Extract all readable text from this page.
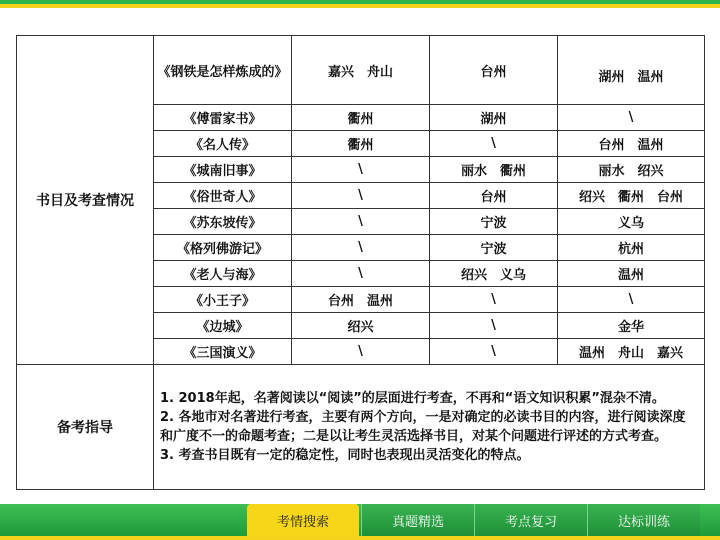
书目及考查情况	《钢铁是怎样炼成的》	嘉兴　舟山	台州	湖州　温州
	《傅雷家书》	衢州	湖州	\
	《名人传》	衢州	\	台州　温州
	《城南旧事》	\	丽水　衢州	丽水　绍兴
	《俗世奇人》	\	台州	绍兴　衢州　台州
	《苏东坡传》	\	宁波	义乌
	《格列佛游记》	\	宁波	杭州
	《老人与海》	\	绍兴　义乌	温州
	《小王子》	台州　温州	\	\
	《边城》	绍兴	\	金华
	《三国演义》	\	\	温州　舟山　嘉兴
备考指导	1. 2018年起，名著阅读以“阅读”的层面进行考查，不再和“语文知识积累”混杂不清。
2. 各地市对名著进行考查，主要有两个方向，一是对确定的必读书目的内容，进行阅读深度和广度不一的命题考查；二是以让考生灵活选择书目，对某个问题进行评述的方式考查。
3. 考查书目既有一定的稳定性，同时也表现出灵活变化的特点。			
考情搜索	真题精选	考点复习	达标训练
